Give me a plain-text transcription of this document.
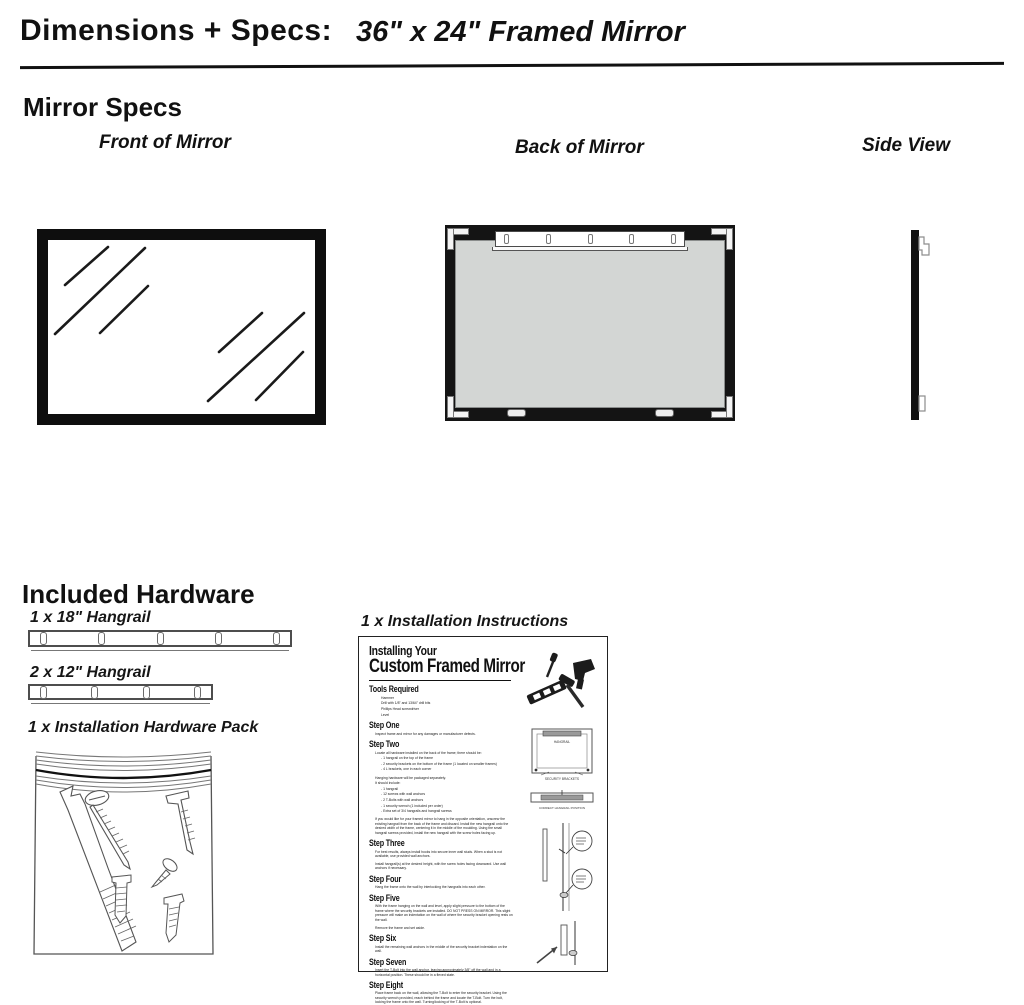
Dimensions + Specs: 36" x 24" Framed Mirror
Mirror Specs
Front of Mirror	Back of Mirror	Side View
Included Hardware
1 x 18" Hangrail
2 x 12" Hangrail
1 x Installation Hardware Pack
1 x Installation Instructions
Installing Your
Custom Framed Mirror
Tools Required
Hammer
Drill with 1/8" and 13/64" drill bits
Phillips Head screwdriver
Level
Step One
Inspect frame and mirror for any damages or manufacturer defects.
Step Two
Locate all hardware installed on the back of the frame; there should be:
- 1 hangrail on the top of the frame
- 2 security brackets on the bottom of the frame (1 located on smaller frames)
- 4 L brackets, one in each corner
Hanging hardware will be packaged separately.
It should include:
- 1 hangrail
- 12 screws with wall anchors
- 2 T-Bolts with wall anchors
- 1 security wrench (1 included per order)
- Extra set of 3/4 hangrails and hangrail screws
If you would like for your framed mirror to hang in the opposite orientation, unscrew the existing hangrail from the back of the frame and discard. Install the new hangrail onto the desired width of the frame, centering it in the middle of the moulding. Using the small hangrail screws provided, install the new hangrail with the screw holes facing up.
Step Three
For best results, always install hooks into secure inner wall studs. When a stud is not available, use provided wall anchors.
Install hangrail(s) at the desired height, with the screw holes facing downward. Use wall anchors if necessary.
Step Four
Hang the frame onto the wall by interlocking the hangrails into each other.
Step Five
With the frame hanging on the wall and level, apply slight pressure to the bottom of the frame where the security brackets are installed. DO NOT PRESS ON MIRROR. This slight pressure will make an indentation on the wall of where the security bracket opening rests on the wall.
Remove the frame and set aside.
Step Six
Install the remaining wall anchors in the middle of the security bracket indentation on the wall.
Step Seven
Insert the T-Bolt into the wall anchor, leaving approximately 3/8" off the wall and in a horizontal position. These should be in a flexed state.
Step Eight
Place frame back on the wall, allowing the T-Bolt to enter the security bracket. Using the security wrench provided, reach behind the frame and locate the T-Bolt. Turn the bolt, locking the frame onto the wall. Turning/locking of the T-Bolt is optional.
HANGRAIL
SECURITY BRACKETS
CORRECT HANGRAIL POSITION
